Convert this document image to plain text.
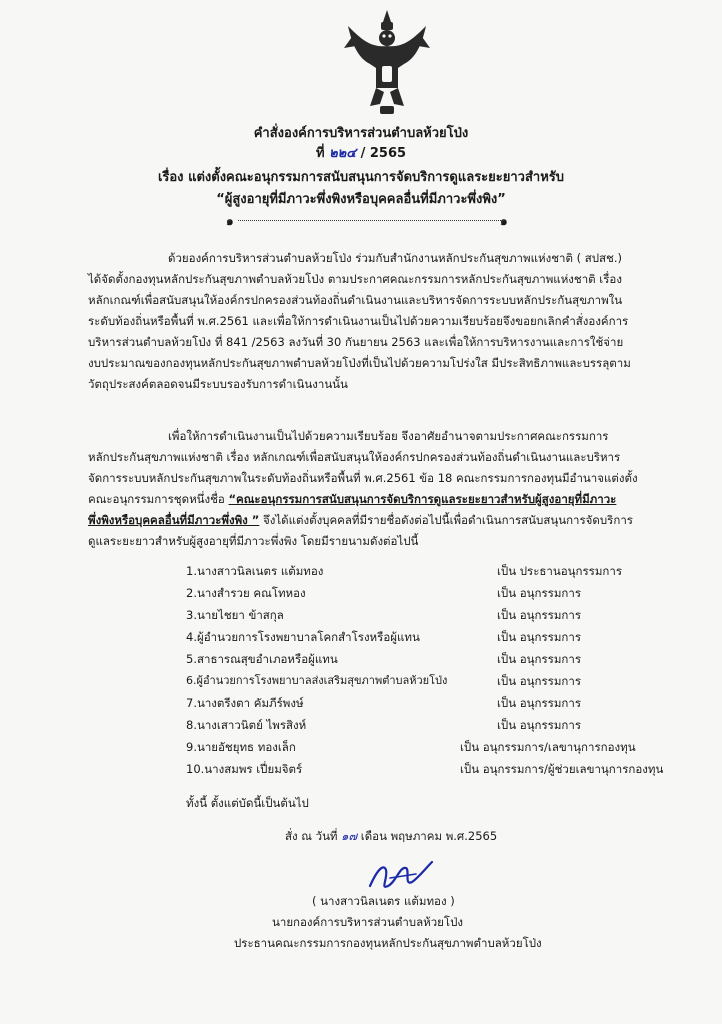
คำสั่งองค์การบริหารส่วนตำบลห้วยโป่ง
ที่ ๒๒๔ / 2565
เรื่อง แต่งตั้งคณะอนุกรรมการสนับสนุนการจัดบริการดูแลระยะยาวสำหรับ
“ผู้สูงอายุที่มีภาวะพึ่งพิงหรือบุคคลอื่นที่มีภาวะพึ่งพิง”
๑	๑
ด้วยองค์การบริหารส่วนตำบลห้วยโป่ง ร่วมกับสำนักงานหลักประกันสุขภาพแห่งชาติ ( สปสช.)
ได้จัดตั้งกองทุนหลักประกันสุขภาพตำบลห้วยโป่ง ตามประกาศคณะกรรมการหลักประกันสุขภาพแห่งชาติ เรื่อง
หลักเกณฑ์เพื่อสนับสนุนให้องค์กรปกครองส่วนท้องถิ่นดำเนินงานและบริหารจัดการระบบหลักประกันสุขภาพใน
ระดับท้องถิ่นหรือพื้นที่ พ.ศ.2561 และเพื่อให้การดำเนินงานเป็นไปด้วยความเรียบร้อยจึงขอยกเลิกคำสั่งองค์การ
บริหารส่วนตำบลห้วยโป่ง ที่ 841 /2563 ลงวันที่ 30 กันยายน 2563 และเพื่อให้การบริหารงานและการใช้จ่าย
งบประมาณของกองทุนหลักประกันสุขภาพตำบลห้วยโป่งที่เป็นไปด้วยความโปร่งใส มีประสิทธิภาพและบรรลุตาม
วัตถุประสงค์ตลอดจนมีระบบรองรับการดำเนินงานนั้น
เพื่อให้การดำเนินงานเป็นไปด้วยความเรียบร้อย จึงอาศัยอำนาจตามประกาศคณะกรรมการ
หลักประกันสุขภาพแห่งชาติ เรื่อง หลักเกณฑ์เพื่อสนับสนุนให้องค์กรปกครองส่วนท้องถิ่นดำเนินงานและบริหาร
จัดการระบบหลักประกันสุขภาพในระดับท้องถิ่นหรือพื้นที่ พ.ศ.2561 ข้อ 18 คณะกรรมการกองทุนมีอำนาจแต่งตั้ง
คณะอนุกรรมการชุดหนึ่งชื่อ “คณะอนุกรรมการสนับสนุนการจัดบริการดูแลระยะยาวสำหรับผู้สูงอายุที่มีภาวะ
พึ่งพิงหรือบุคคลอื่นที่มีภาวะพึ่งพิง ” จึงได้แต่งตั้งบุคคลที่มีรายชื่อดังต่อไปนี้เพื่อดำเนินการสนับสนุนการจัดบริการ
ดูแลระยะยาวสำหรับผู้สูงอายุที่มีภาวะพึ่งพิง โดยมีรายนามดังต่อไปนี้
1.นางสาวนิลเนตร แต้มทอง	เป็น ประธานอนุกรรมการ
2.นางสำรวย คณโทหอง	เป็น อนุกรรมการ
3.นายไชยา ข้าสกุล	เป็น อนุกรรมการ
4.ผู้อำนวยการโรงพยาบาลโคกสำโรงหรือผู้แทน	เป็น อนุกรรมการ
5.สาธารณสุขอำเภอหรือผู้แทน	เป็น อนุกรรมการ
6.ผู้อำนวยการโรงพยาบาลส่งเสริมสุขภาพตำบลห้วยโป่ง	เป็น อนุกรรมการ
7.นางตรีงตา คัมภีร์พงษ์	เป็น อนุกรรมการ
8.นางเสาวนิตย์ ไพรสิงห์	เป็น อนุกรรมการ
9.นายอัชยุทธ ทองเล็ก	เป็น อนุกรรมการ/เลขานุการกองทุน
10.นางสมพร เปี่ยมจิตร์	เป็น อนุกรรมการ/ผู้ช่วยเลขานุการกองทุน
ทั้งนี้ ตั้งแต่บัดนี้เป็นต้นไป
สั่ง ณ วันที่ ๑๗ เดือน พฤษภาคม พ.ศ.2565
( นางสาวนิลเนตร แต้มทอง )
นายกองค์การบริหารส่วนตำบลห้วยโป่ง
ประธานคณะกรรมการกองทุนหลักประกันสุขภาพตำบลห้วยโป่ง
